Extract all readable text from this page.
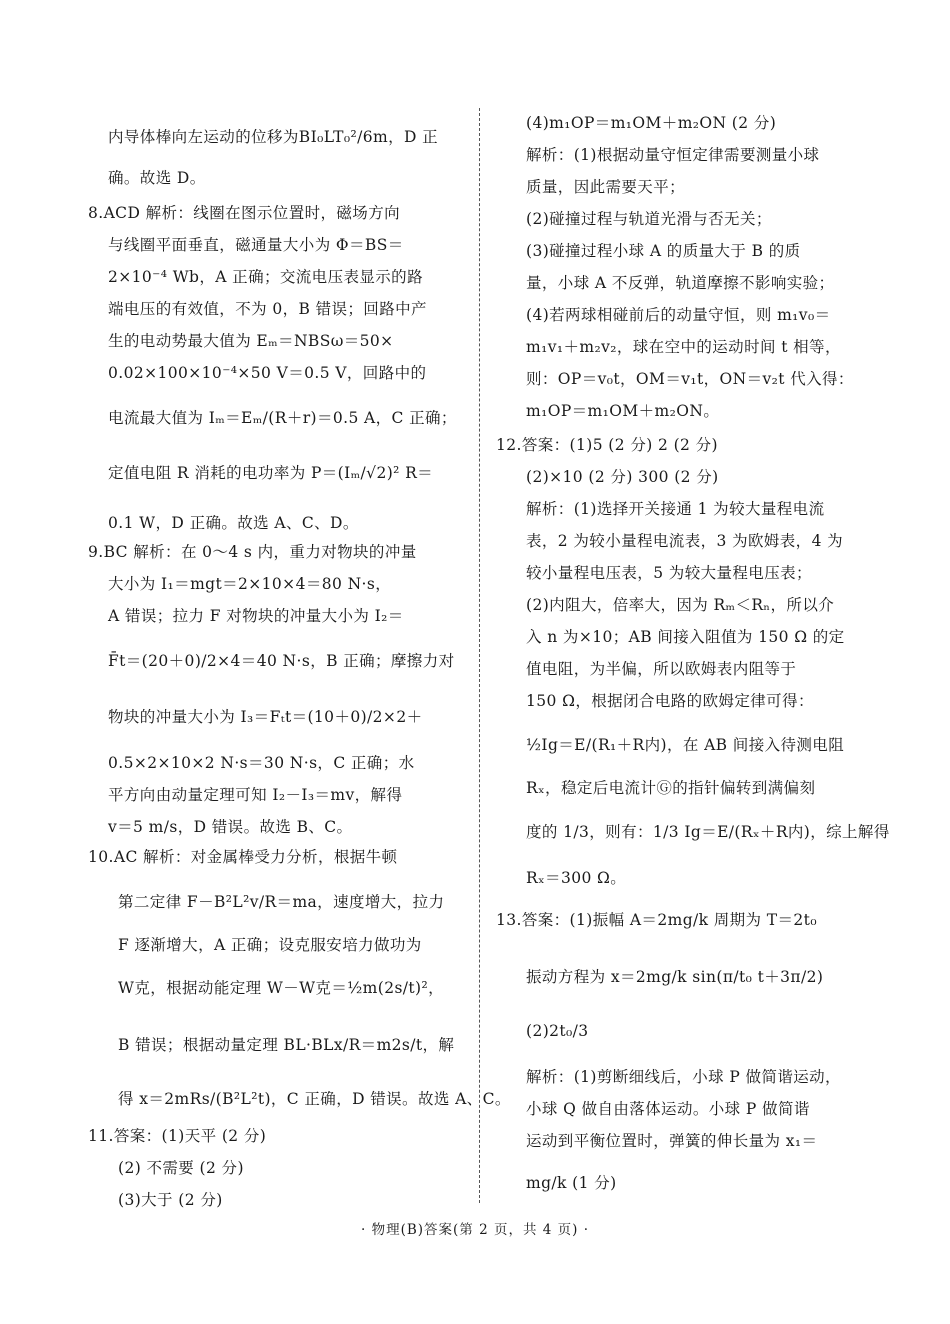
内导体棒向左运动的位移为BI₀LT₀²/6m，D 正
确。故选 D。
8.ACD 解析：线圈在图示位置时，磁场方向
与线圈平面垂直，磁通量大小为 Φ＝BS＝
2×10⁻⁴ Wb，A 正确；交流电压表显示的路
端电压的有效值，不为 0，B 错误；回路中产
生的电动势最大值为 Eₘ＝NBSω＝50×
0.02×100×10⁻⁴×50 V＝0.5 V，回路中的
电流最大值为 Iₘ＝Eₘ/(R＋r)＝0.5 A，C 正确；
定值电阻 R 消耗的电功率为 P＝(Iₘ/√2)² R＝
0.1 W，D 正确。故选 A、C、D。
9.BC 解析：在 0～4 s 内，重力对物块的冲量
大小为 I₁＝mgt＝2×10×4＝80 N·s，
A 错误；拉力 F 对物块的冲量大小为 I₂＝
F̄t＝(20＋0)/2×4＝40 N·s，B 正确；摩擦力对
物块的冲量大小为 I₃＝Fₜt＝(10＋0)/2×2＋
0.5×2×10×2 N·s＝30 N·s，C 正确；水
平方向由动量定理可知 I₂－I₃＝mv，解得
v＝5 m/s，D 错误。故选 B、C。
10.AC 解析：对金属棒受力分析，根据牛顿
第二定律 F－B²L²v/R＝ma，速度增大，拉力
F 逐渐增大，A 正确；设克服安培力做功为
W克，根据动能定理 W－W克＝½m(2s/t)²，
B 错误；根据动量定理 BL·BLx/R＝m2s/t，解
得 x＝2mRs/(B²L²t)，C 正确，D 错误。故选 A、C。
11.答案：(1)天平 (2 分)
(2) 不需要 (2 分)
(3)大于 (2 分)
(4)m₁OP＝m₁OM＋m₂ON (2 分)
解析：(1)根据动量守恒定律需要测量小球
质量，因此需要天平；
(2)碰撞过程与轨道光滑与否无关；
(3)碰撞过程小球 A 的质量大于 B 的质
量，小球 A 不反弹，轨道摩擦不影响实验；
(4)若两球相碰前后的动量守恒，则 m₁v₀＝
m₁v₁＋m₂v₂，球在空中的运动时间 t 相等，
则：OP＝v₀t，OM＝v₁t，ON＝v₂t 代入得：
m₁OP＝m₁OM＋m₂ON。
12.答案：(1)5 (2 分) 2 (2 分)
(2)×10 (2 分) 300 (2 分)
解析：(1)选择开关接通 1 为较大量程电流
表，2 为较小量程电流表，3 为欧姆表，4 为
较小量程电压表，5 为较大量程电压表；
(2)内阻大，倍率大，因为 Rₘ＜Rₙ，所以介
入 n 为×10；AB 间接入阻值为 150 Ω 的定
值电阻，为半偏，所以欧姆表内阻等于
150 Ω，根据闭合电路的欧姆定律可得：
½Ig＝E/(R₁＋R内)，在 AB 间接入待测电阻
Rₓ，稳定后电流计Ⓖ的指针偏转到满偏刻
度的 1/3，则有：1/3 Ig＝E/(Rₓ＋R内)，综上解得
Rₓ＝300 Ω。
13.答案：(1)振幅 A＝2mg/k 周期为 T＝2t₀
振动方程为 x＝2mg/k sin(π/t₀ t＋3π/2)
(2)2t₀/3
解析：(1)剪断细线后，小球 P 做简谐运动，
小球 Q 做自由落体运动。小球 P 做简谐
运动到平衡位置时，弹簧的伸长量为 x₁＝
mg/k (1 分)
· 物理(B)答案(第 2 页，共 4 页) ·
